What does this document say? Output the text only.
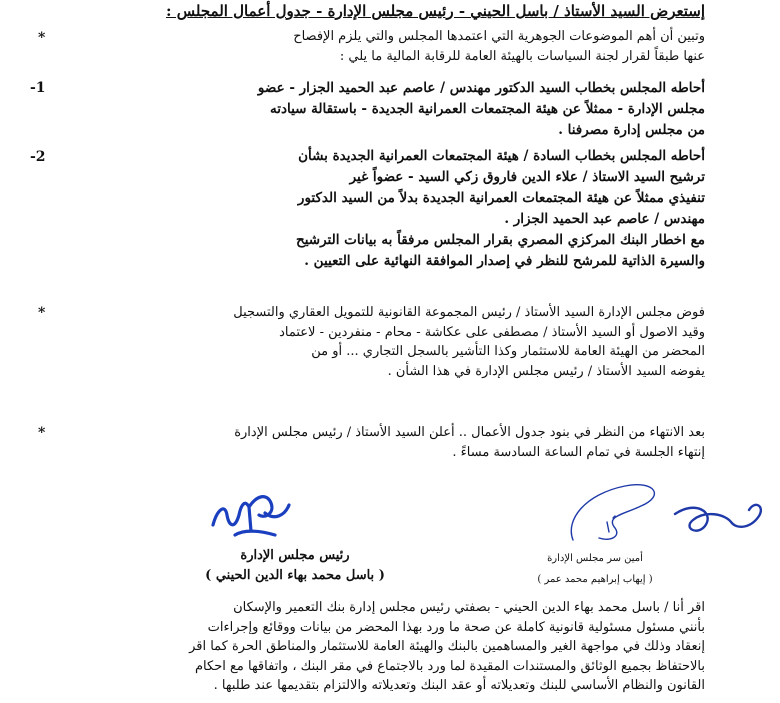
إستعرض السيد الأستاذ / باسل الحيني - رئيس مجلس الإدارة - جدول أعمال المجلس :
*	وتبين أن أهم الموضوعات الجوهرية التي اعتمدها المجلس والتي يلزم الإفصاح

عنها طبقاً لقرار لجنة السياسات بالهيئة العامة للرقابة المالية ما يلي :

-1	أحاطه المجلس بخطاب السيد الدكتور مهندس / عاصم عبد الحميد الجزار - عضو

مجلس الإدارة - ممثلاً عن هيئة المجتمعات العمرانية الجديدة - باستقالة سيادته

من مجلس إدارة مصرفنا .

-2	أحاطه المجلس بخطاب السادة / هيئة المجتمعات العمرانية الجديدة بشأن

ترشيح السيد الاستاذ / علاء الدين فاروق زكي السيد - عضواً غير

تنفيذي ممثلاً عن هيئة المجتمعات العمرانية الجديدة بدلاً من السيد الدكتور

مهندس / عاصم عبد الحميد الجزار .

مع اخطار البنك المركزي المصري بقرار المجلس مرفقاً به بيانات الترشيح

والسيرة الذاتية للمرشح للنظر في إصدار الموافقة النهائية على التعيين .

*	فوض مجلس الإدارة السيد الأستاذ / رئيس المجموعة القانونية للتمويل العقاري والتسجيل

وقيد الاصول أو السيد الأستاذ / مصطفى على عكاشة - محام - منفردين - لاعتماد

المحضر من الهيئة العامة للاستثمار وكذا التأشير بالسجل التجاري ... أو من

يفوضه السيد الأستاذ / رئيس مجلس الإدارة في هذا الشأن .

*	بعد الانتهاء من النظر في بنود جدول الأعمال .. أعلن السيد الأستاذ / رئيس مجلس الإدارة

إنتهاء الجلسة في تمام الساعة السادسة مساءً .

رئيس مجلس الإدارة
( باسل محمد بهاء الدين الحيني )
أمين سر مجلس الإدارة
( إيهاب إبراهيم محمد عمر )

اقر أنا / باسل محمد بهاء الدين الحيني - بصفتي رئيس مجلس إدارة بنك التعمير والإسكان

بأنني مسئول مسئولية قانونية كاملة عن صحة ما ورد بهذا المحضر من بيانات ووقائع وإجراءات

إنعقاد وذلك في مواجهة الغير والمساهمين بالبنك والهيئة العامة للاستثمار والمناطق الحرة كما اقر

بالاحتفاظ بجميع الوثائق والمستندات المقيدة لما ورد بالاجتماع في مقر البنك ، واتفاقها مع احكام

القانون والنظام الأساسي للبنك وتعديلاته أو عقد البنك وتعديلاته والالتزام بتقديمها عند طلبها .
